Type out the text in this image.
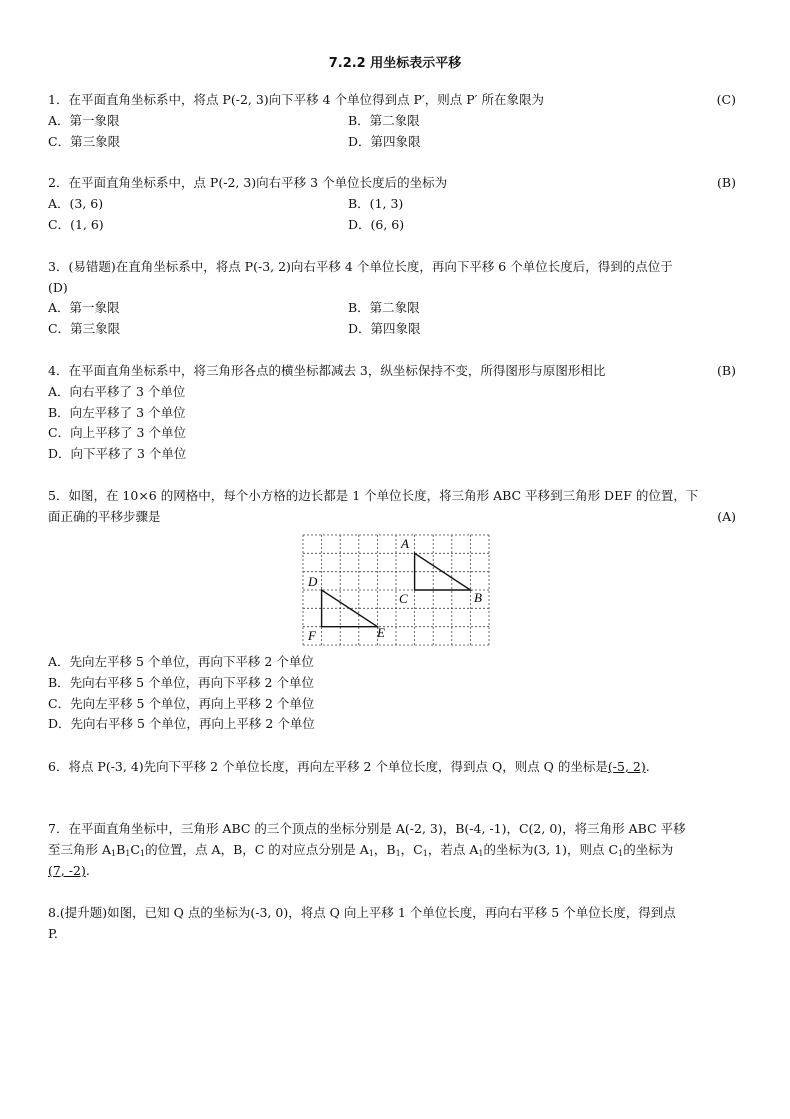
7.2.2 用坐标表示平移
1．在平面直角坐标系中，将点 P(-2, 3)向下平移 4 个单位得到点 P′，则点 P′ 所在象限为	(C)
A．第一象限	B．第二象限
C．第三象限	D．第四象限
2．在平面直角坐标系中，点 P(-2, 3)向右平移 3 个单位长度后的坐标为	(B)
A．(3, 6)	B．(1, 3)
C．(1, 6)	D．(6, 6)
3．(易错题)在直角坐标系中，将点 P(-3, 2)向右平移 4 个单位长度，再向下平移 6 个单位长度后，得到的点位于
(D)
A．第一象限	B．第二象限
C．第三象限	D．第四象限
4．在平面直角坐标系中，将三角形各点的横坐标都减去 3，纵坐标保持不变，所得图形与原图形相比	(B)
A．向右平移了 3 个单位
B．向左平移了 3 个单位
C．向上平移了 3 个单位
D．向下平移了 3 个单位
5．如图，在 10×6 的网格中，每个小方格的边长都是 1 个单位长度，将三角形 ABC 平移到三角形 DEF 的位置，下
面正确的平移步骤是	(A)
A
B
C
D
E
F
A．先向左平移 5 个单位，再向下平移 2 个单位
B．先向右平移 5 个单位，再向下平移 2 个单位
C．先向左平移 5 个单位，再向上平移 2 个单位
D．先向右平移 5 个单位，再向上平移 2 个单位
6．将点 P(-3, 4)先向下平移 2 个单位长度，再向左平移 2 个单位长度，得到点 Q，则点 Q 的坐标是(-5, 2).
7．在平面直角坐标中，三角形 ABC 的三个顶点的坐标分别是 A(-2, 3)，B(-4, -1)，C(2, 0)，将三角形 ABC 平移
至三角形 $A_1B_1C_1$的位置，点 A，B，C 的对应点分别是 $A_1$，$B_1$，$C_1$，若点 $A_1$的坐标为(3, 1)，则点 $C_1$的坐标为
(7, -2).
8.(提升题)如图，已知 Q 点的坐标为(-3, 0)，将点 Q 向上平移 1 个单位长度，再向右平移 5 个单位长度，得到点
P.
